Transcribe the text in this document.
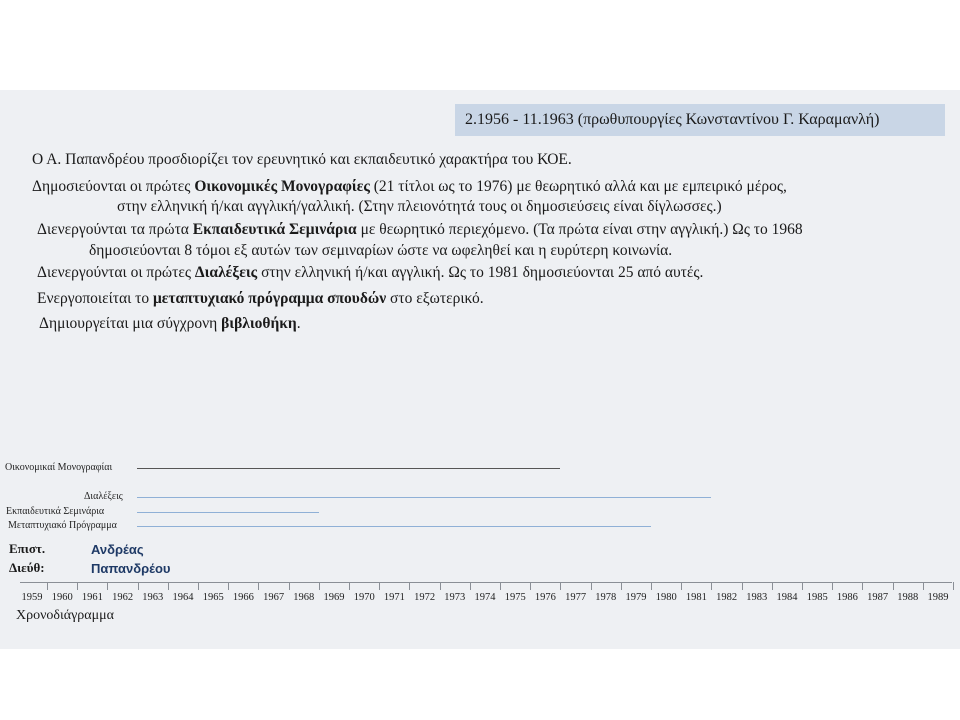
2.1956 - 11.1963 (πρωθυπουργίες Κωνσταντίνου Γ. Καραμανλή)
Ο Α. Παπανδρέου προσδιορίζει τον ερευνητικό και εκπαιδευτικό χαρακτήρα του ΚΟΕ.
Δημοσιεύονται οι πρώτες Οικονομικές Μονογραφίες (21 τίτλοι ως το 1976) με θεωρητικό αλλά και με εμπειρικό μέρος,
στην ελληνική ή/και αγγλική/γαλλική. (Στην πλειονότητά τους οι δημοσιεύσεις είναι δίγλωσσες.)
Διενεργούνται τα πρώτα Εκπαιδευτικά Σεμινάρια με θεωρητικό περιεχόμενο. (Τα πρώτα είναι στην αγγλική.) Ως το 1968
δημοσιεύονται 8 τόμοι εξ αυτών των σεμιναρίων ώστε να ωφεληθεί και η ευρύτερη κοινωνία.
Διενεργούνται οι πρώτες Διαλέξεις στην ελληνική ή/και αγγλική. Ως το 1981 δημοσιεύονται 25 από αυτές.
Ενεργοποιείται το μεταπτυχιακό πρόγραμμα σπουδών στο εξωτερικό.
Δημιουργείται μια σύγχρονη βιβλιοθήκη.
Οικονομικαί Μονογραφίαι
Διαλέξεις
Εκπαιδευτικά Σεμινάρια
Μεταπτυχιακό Πρόγραμμα
Επιστ.
Διεύθ:
Ανδρέας
Παπανδρέου
1959 1960 1961 1962 1963 1964 1965 1966 1967 1968 1969 1970 1971 1972 1973 1974 1975 1976 1977 1978 1979 1980 1981 1982 1983 1984 1985 1986 1987 1988 1989
Χρονοδιάγραμμα
